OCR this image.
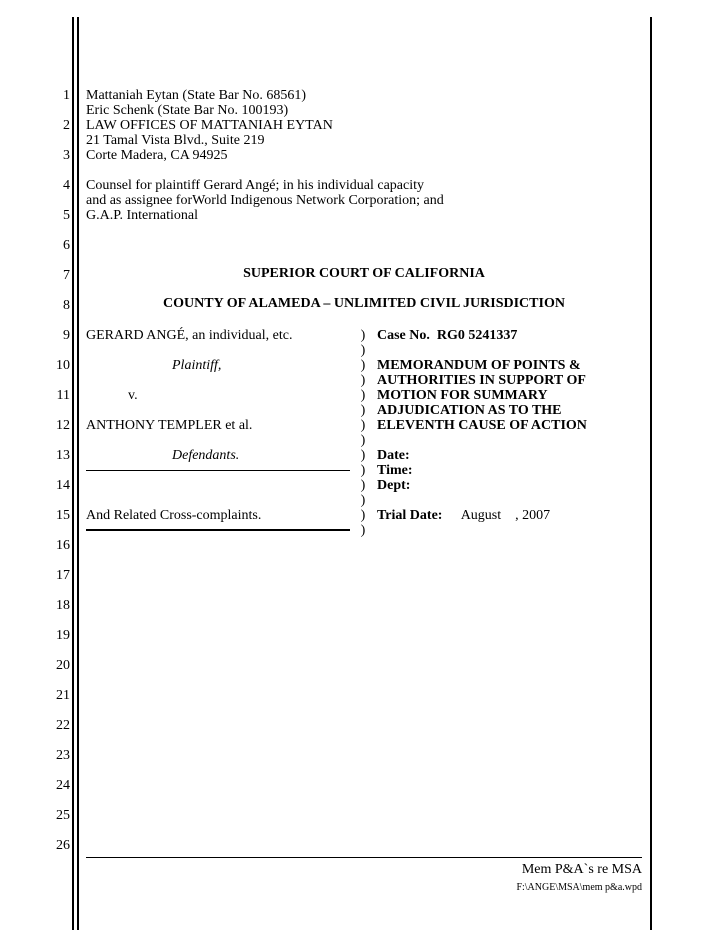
1
2
3
4
5
6
7
8
9
10
11
12
13
14
15
16
17
18
19
20
21
22
23
24
25
26
Mattaniah Eytan (State Bar No. 68561)
Eric Schenk (State Bar No. 100193)
LAW OFFICES OF MATTANIAH EYTAN
21 Tamal Vista Blvd., Suite 219
Corte Madera, CA 94925
Counsel for plaintiff Gerard Angé; in his individual capacity
and as assignee forWorld Indigenous Network Corporation; and
G.A.P. International
SUPERIOR COURT OF CALIFORNIA
COUNTY OF ALAMEDA – UNLIMITED CIVIL JURISDICTION
GERARD ANGÉ, an individual, etc.
Plaintiff,
v.
ANTHONY TEMPLER et al.
Defendants.
And Related Cross-complaints.
)
)
)
)
)
)
)
)
)
)
)
)
)
)
Case No. RG0 5241337
MEMORANDUM OF POINTS &
AUTHORITIES IN SUPPORT OF
MOTION FOR SUMMARY
ADJUDICATION AS TO THE
ELEVENTH CAUSE OF ACTION
Date:
Time:
Dept:
Trial Date: August    , 2007
Mem P&A`s re MSA
F:\ANGE\MSA\mem p&a.wpd
